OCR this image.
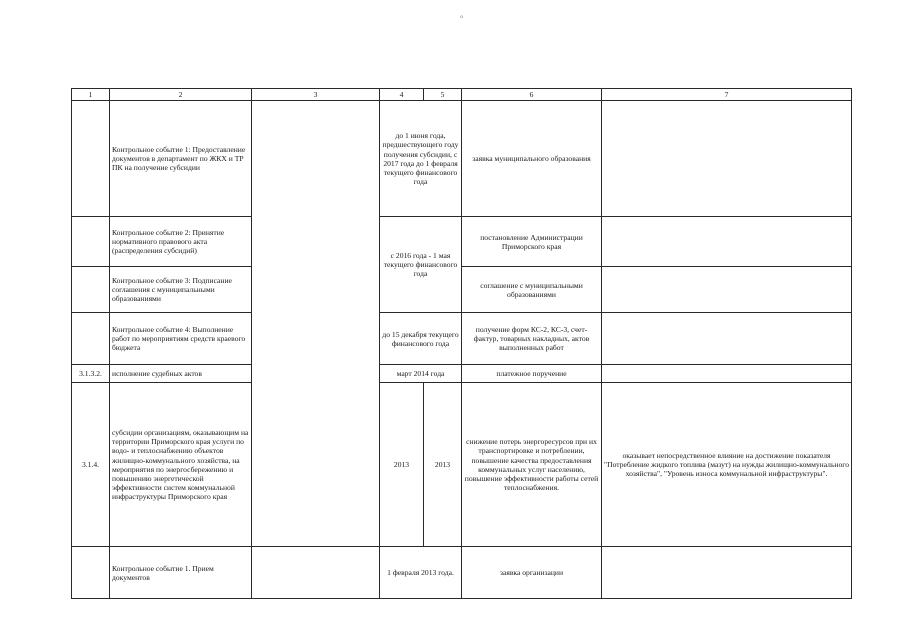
°
1	2	3	4	5	6	7
	Контрольное событие 1: Предоставление документов в департамент по ЖКХ и ТР ПК на получение субсидии		до 1 июня года, предшествующего году получения субсидии, с 2017 года до 1 февраля текущего финансового года		заявка муниципального образования	
	Контрольное событие 2: Принятие нормативного правового акта (распределения субсидий)		с 2016 года - 1 мая текущего финансового года		постановление Администрации Приморского края	
	Контрольное событие 3: Подписание соглашения с муниципальными образованиями				соглашение с муниципальными образованиями	
	Контрольное событие 4: Выполнение работ по мероприятиям средств краевого бюджета		до 15 декабря текущего финансового года		получение форм КС-2, КС-3, счет-фактур, товарных накладных, актов выполненных работ	
3.1.3.2.	исполнение судебных актов		март 2014 года		платежное поручение	
3.1.4.	субсидии организациям, оказывающим на территории Приморского края услуги по водо- и теплоснабжению объектов жилищно-коммунального хозяйства, на мероприятия по энергосбережению и повышению энергетической эффективности систем коммунальной инфраструктуры Приморского края		2013	2013	снижение потерь энергоресурсов при их транспортировке и потреблении, повышение качества предоставления коммунальных услуг населению, повышение эффективности работы сетей теплоснабжения.	оказывает непосредственное влияние на достижение показателя "Потребление жидкого топлива (мазут) на нужды жилищно-коммунального хозяйства", "Уровень износа коммунальной инфраструктуры".
	Контрольное событие 1. Прием документов		1 февраля 2013 года.		заявка организации	
